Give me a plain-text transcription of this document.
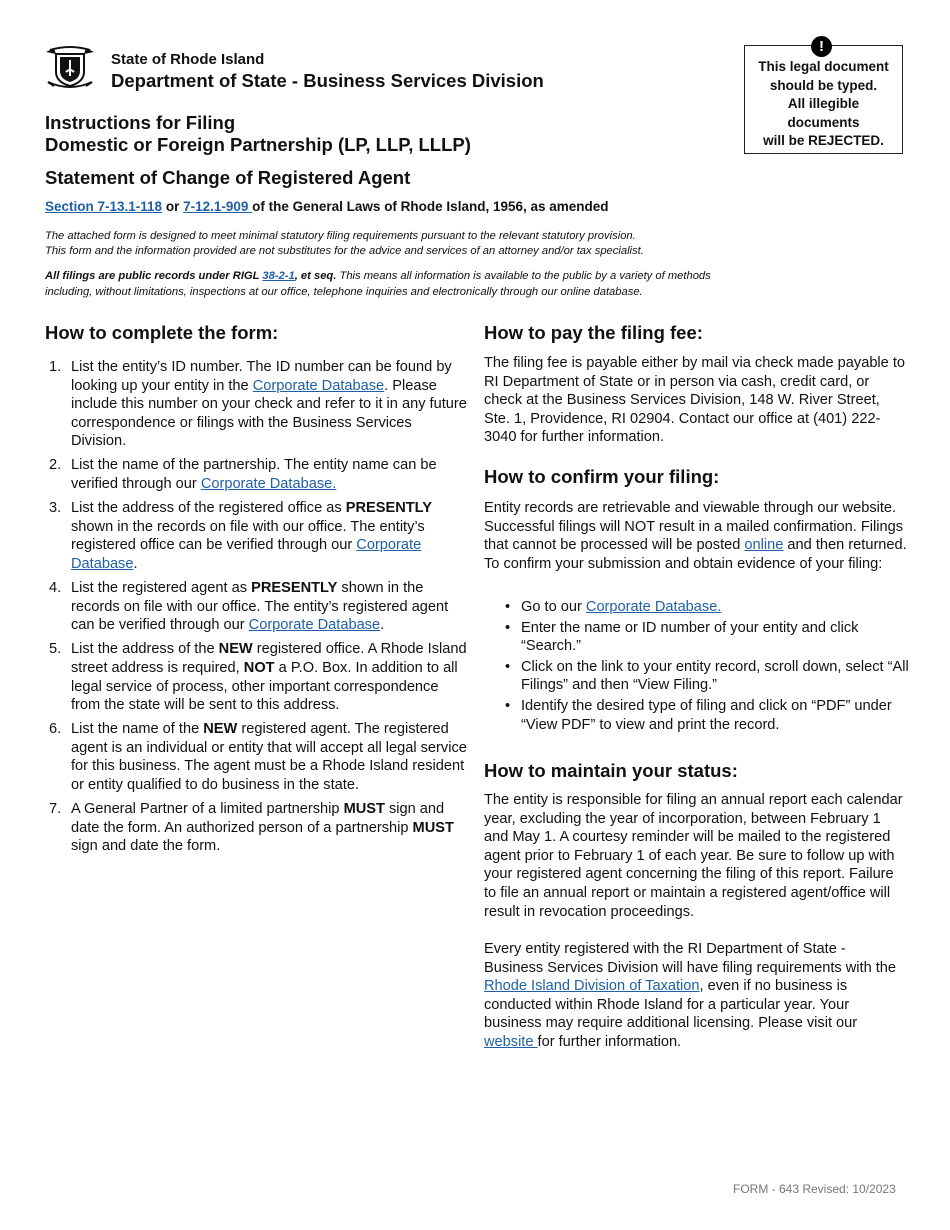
State of Rhode Island
Department of State - Business Services Division
!
This legal document
should be typed.
All illegible
documents
will be REJECTED.
Instructions for Filing
Domestic or Foreign Partnership (LP, LLP, LLLP)
Statement of Change of Registered Agent
Section 7-13.1-118 or 7-12.1-909 of the General Laws of Rhode Island, 1956, as amended
The attached form is designed to meet minimal statutory filing requirements pursuant to the relevant statutory provision.
This form and the information provided are not substitutes for the advice and services of an attorney and/or tax specialist.
All filings are public records under RIGL 38-2-1, et seq. This means all information is available to the public by a variety of methods
including, without limitations, inspections at our office, telephone inquiries and electronically through our online database.
How to complete the form:
1. List the entity’s ID number. The ID number can be found by looking up your entity in the Corporate Database. Please include this number on your check and refer to it in any future correspondence or filings with the Business Services Division.
2. List the name of the partnership. The entity name can be verified through our Corporate Database.
3. List the address of the registered office as PRESENTLY shown in the records on file with our office. The entity’s registered office can be verified through our Corporate Database.
4. List the registered agent as PRESENTLY shown in the records on file with our office. The entity’s registered agent can be verified through our Corporate Database.
5. List the address of the NEW registered office. A Rhode Island street address is required, NOT a P.O. Box. In addition to all legal service of process, other important correspondence from the state will be sent to this address.
6. List the name of the NEW registered agent. The registered agent is an individual or entity that will accept all legal service for this business. The agent must be a Rhode Island resident or entity qualified to do business in the state.
7. A General Partner of a limited partnership MUST sign and date the form. An authorized person of a partnership MUST sign and date the form.
How to pay the filing fee:
The filing fee is payable either by mail via check made payable to RI Department of State or in person via cash, credit card, or check at the Business Services Division, 148 W. River Street, Ste. 1, Providence, RI 02904. Contact our office at (401) 222-3040 for further information.
How to confirm your filing:
Entity records are retrievable and viewable through our website. Successful filings will NOT result in a mailed confirmation. Filings that cannot be processed will be posted online and then returned. To confirm your submission and obtain evidence of your filing:
• Go to our Corporate Database.
• Enter the name or ID number of your entity and click “Search.”
• Click on the link to your entity record, scroll down, select “All Filings” and then “View Filing.”
• Identify the desired type of filing and click on “PDF” under “View PDF” to view and print the record.
How to maintain your status:
The entity is responsible for filing an annual report each calendar year, excluding the year of incorporation, between February 1 and May 1. A courtesy reminder will be mailed to the registered agent prior to February 1 of each year. Be sure to follow up with your registered agent concerning the filing of this report. Failure to file an annual report or maintain a registered agent/office will result in revocation proceedings.
Every entity registered with the RI Department of State - Business Services Division will have filing requirements with the Rhode Island Division of Taxation, even if no business is conducted within Rhode Island for a particular year. Your business may require additional licensing. Please visit our website for further information.
FORM - 643 Revised: 10/2023
